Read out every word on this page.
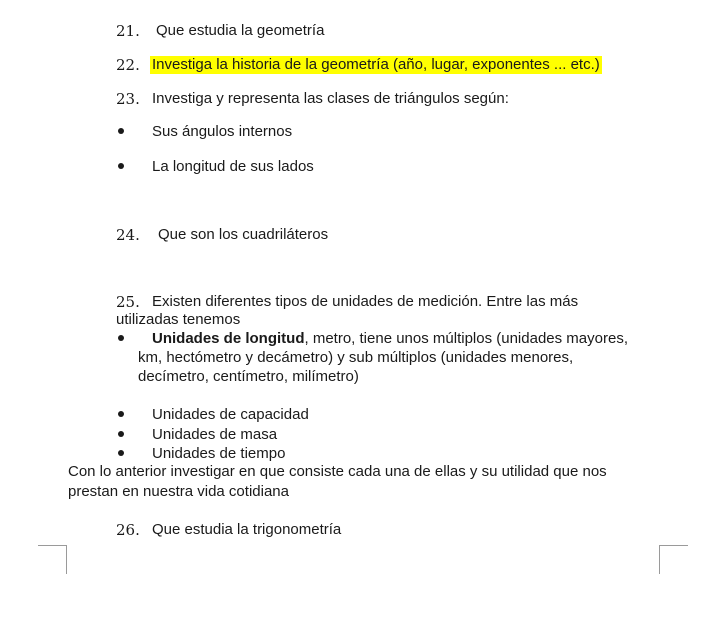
21. Que estudia la geometría
22. Investiga la historia de la geometría (año, lugar, exponentes ... etc.)
23. Investiga y representa las clases de triángulos según:
Sus ángulos internos
La longitud de sus lados
24. Que son los cuadriláteros
25. Existen diferentes tipos de unidades de medición. Entre las más
utilizadas tenemos
Unidades de longitud, metro, tiene unos múltiplos (unidades mayores,
km, hectómetro y decámetro) y sub múltiplos (unidades menores,
decímetro, centímetro, milímetro)
Unidades de capacidad
Unidades de masa
Unidades de tiempo
Con lo anterior investigar en que consiste cada una de ellas y su utilidad que nos
prestan en nuestra vida cotidiana
26. Que estudia la trigonometría
